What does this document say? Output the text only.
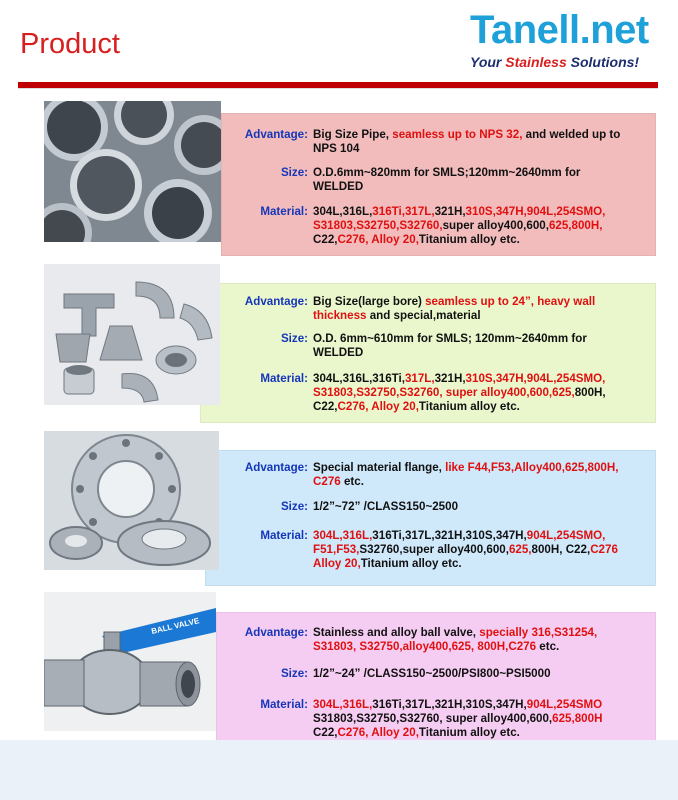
Product	Tanell.net
Your Stainless Solutions!
Advantage: Big Size Pipe, seamless up to NPS 32, and welded up to
NPS 104
Size: O.D.6mm~820mm for SMLS;120mm~2640mm for
WELDED
Material: 304L,316L,316Ti,317L,321H,310S,347H,904L,254SMO,
S31803,S32750,S32760,super alloy400,600,625,800H,
C22,C276, Alloy 20,Titanium alloy etc.
Advantage: Big Size(large bore) seamless up to 24”, heavy wall
thickness and special,material
Size: O.D. 6mm~610mm for SMLS; 120mm~2640mm for
WELDED
Material: 304L,316L,316Ti,317L,321H,310S,347H,904L,254SMO,
S31803,S32750,S32760, super alloy400,600,625,800H,
C22,C276, Alloy 20,Titanium alloy etc.
Advantage: Special material flange, like F44,F53,Alloy400,625,800H,
C276 etc.
Size: 1/2”~72” /CLASS150~2500
Material: 304L,316L,316Ti,317L,321H,310S,347H,904L,254SMO,
F51,F53,S32760,super alloy400,600,625,800H, C22,C276
Alloy 20,Titanium alloy etc.
BALL VALVE	Advantage: Stainless and alloy ball valve, specially 316,S31254,
S31803, S32750,alloy400,625, 800H,C276 etc.
Size: 1/2”~24” /CLASS150~2500/PSI800~PSI5000
Material: 304L,316L,316Ti,317L,321H,310S,347H,904L,254SMO
S31803,S32750,S32760, super alloy400,600,625,800H
C22,C276, Alloy 20,Titanium alloy etc.
